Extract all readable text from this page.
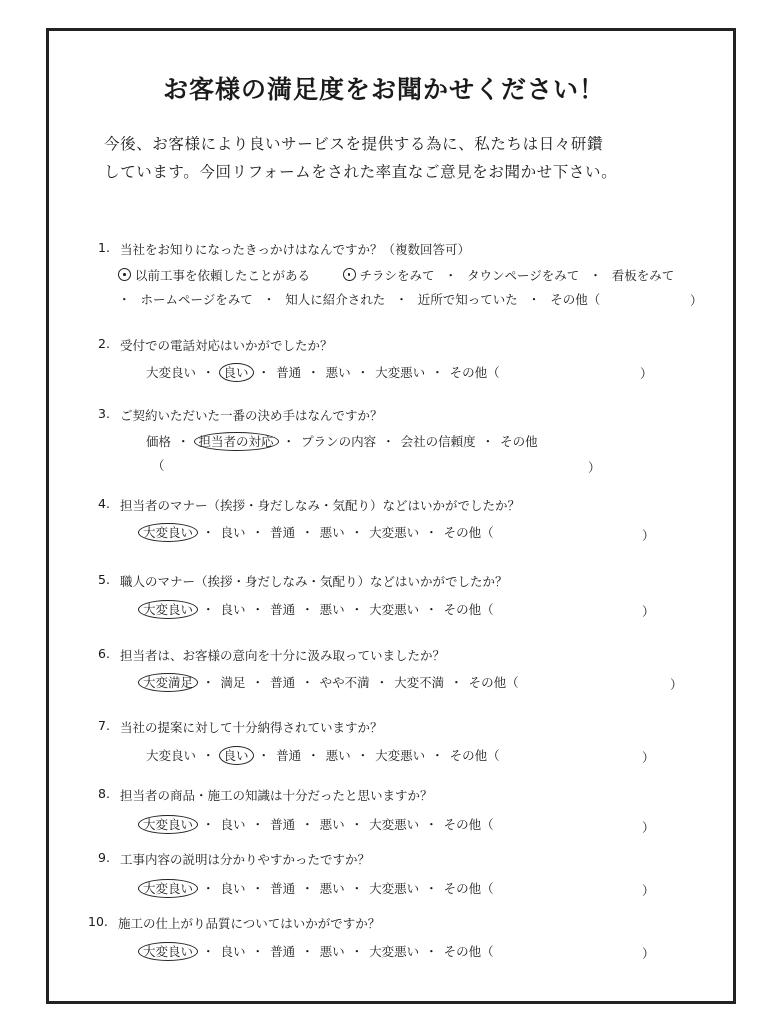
お客様の満足度をお聞かせください！

今後、お客様により良いサービスを提供する為に、私たちは日々研鑽

しています。今回リフォームをされた率直なご意見をお聞かせ下さい。

1. 当社をお知りになったきっかけはなんですか？（複数回答可）
以前工事を依頼したことがある 　	チラシをみて ・ タウンページをみて ・ 看板をみて
・ ホームページをみて ・ 知人に紹介された ・ 近所で知っていた ・ その他（	）
2. 受付での電話対応はいかがでしたか？
大変良い ・ 良い ・ 普通 ・ 悪い ・ 大変悪い ・ その他（	）
3. ご契約いただいた一番の決め手はなんですか？
価格 ・ 担当者の対応 ・ プランの内容 ・ 会社の信頼度 ・ その他
（	）
4. 担当者のマナー（挨拶・身だしなみ・気配り）などはいかがでしたか？
大変良い ・ 良い ・ 普通 ・ 悪い ・ 大変悪い ・ その他（	）
5. 職人のマナー（挨拶・身だしなみ・気配り）などはいかがでしたか？
大変良い ・ 良い ・ 普通 ・ 悪い ・ 大変悪い ・ その他（	）
6. 担当者は、お客様の意向を十分に汲み取っていましたか？
大変満足 ・ 満足 ・ 普通 ・ やや不満 ・ 大変不満 ・ その他（	）
7. 当社の提案に対して十分納得されていますか？
大変良い ・ 良い ・ 普通 ・ 悪い ・ 大変悪い ・ その他（	）
8. 担当者の商品・施工の知識は十分だったと思いますか？
大変良い ・ 良い ・ 普通 ・ 悪い ・ 大変悪い ・ その他（	）
9. 工事内容の説明は分かりやすかったですか？
大変良い ・ 良い ・ 普通 ・ 悪い ・ 大変悪い ・ その他（	）
10. 施工の仕上がり品質についてはいかがですか？
大変良い ・ 良い ・ 普通 ・ 悪い ・ 大変悪い ・ その他（	）
